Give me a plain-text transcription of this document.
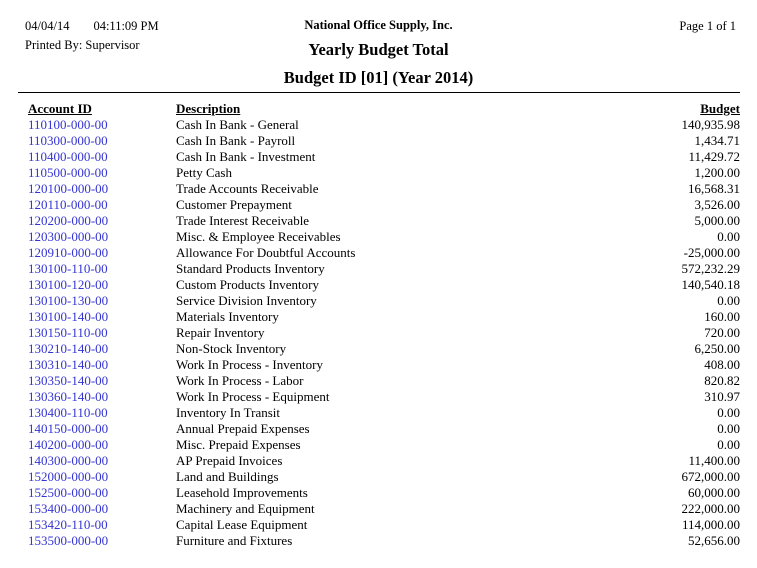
04/04/14 04:11:09 PM
Printed By: Supervisor
National Office Supply, Inc.
Yearly Budget Total
Budget ID [01] (Year 2014)
Page 1 of 1
Account ID	Description	Budget
110100-000-00	Cash In Bank - General	140,935.98
110300-000-00	Cash In Bank - Payroll	1,434.71
110400-000-00	Cash In Bank - Investment	11,429.72
110500-000-00	Petty Cash	1,200.00
120100-000-00	Trade Accounts Receivable	16,568.31
120110-000-00	Customer Prepayment	3,526.00
120200-000-00	Trade Interest Receivable	5,000.00
120300-000-00	Misc. & Employee Receivables	0.00
120910-000-00	Allowance For Doubtful Accounts	-25,000.00
130100-110-00	Standard Products Inventory	572,232.29
130100-120-00	Custom Products Inventory	140,540.18
130100-130-00	Service Division Inventory	0.00
130100-140-00	Materials Inventory	160.00
130150-110-00	Repair Inventory	720.00
130210-140-00	Non-Stock Inventory	6,250.00
130310-140-00	Work In Process - Inventory	408.00
130350-140-00	Work In Process - Labor	820.82
130360-140-00	Work In Process - Equipment	310.97
130400-110-00	Inventory In Transit	0.00
140150-000-00	Annual Prepaid Expenses	0.00
140200-000-00	Misc. Prepaid Expenses	0.00
140300-000-00	AP Prepaid Invoices	11,400.00
152000-000-00	Land and Buildings	672,000.00
152500-000-00	Leasehold Improvements	60,000.00
153400-000-00	Machinery and Equipment	222,000.00
153420-110-00	Capital Lease Equipment	114,000.00
153500-000-00	Furniture and Fixtures	52,656.00
